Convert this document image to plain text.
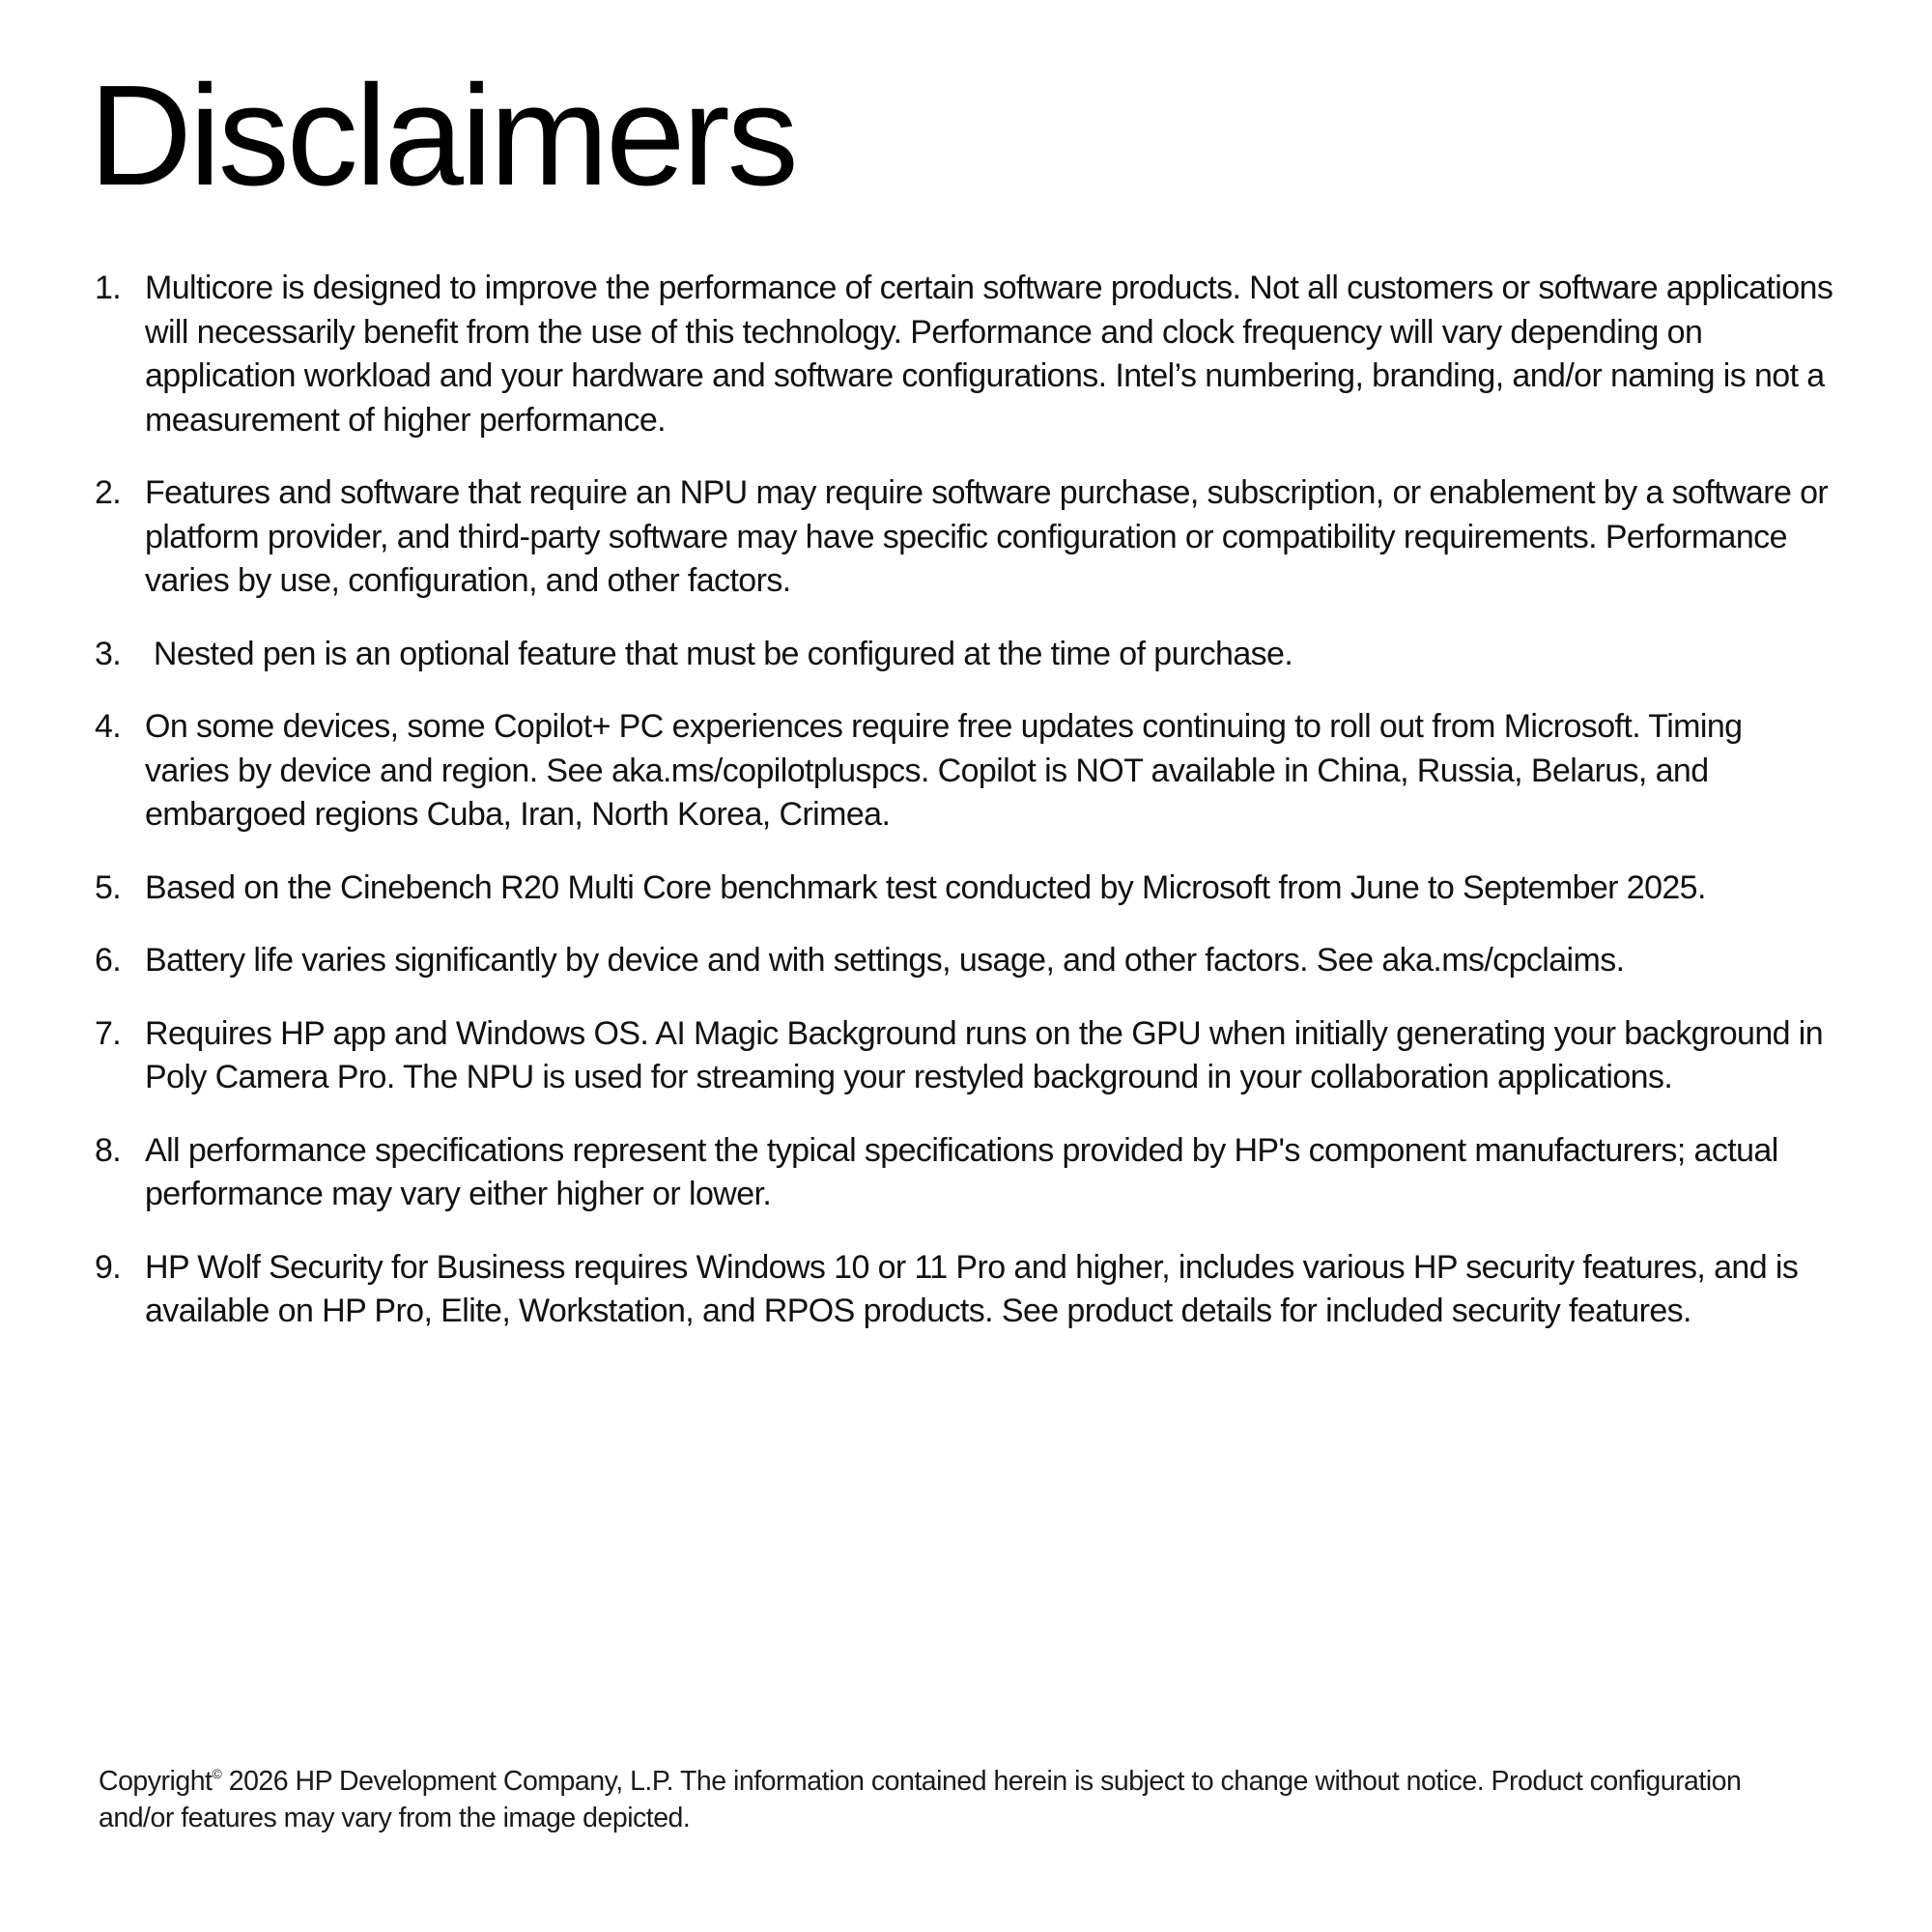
Disclaimers
1. Multicore is designed to improve the performance of certain software products. Not all customers or software applications will necessarily benefit from the use of this technology. Performance and clock frequency will vary depending on application workload and your hardware and software configurations. Intel’s numbering, branding, and/or naming is not a measurement of higher performance.
2. Features and software that require an NPU may require software purchase, subscription, or enablement by a software or platform provider, and third-party software may have specific configuration or compatibility requirements. Performance varies by use, configuration, and other factors.
3. Nested pen is an optional feature that must be configured at the time of purchase.
4. On some devices, some Copilot+ PC experiences require free updates continuing to roll out from Microsoft. Timing varies by device and region. See aka.ms/copilotpluspcs. Copilot is NOT available in China, Russia, Belarus, and embargoed regions Cuba, Iran, North Korea, Crimea.
5. Based on the Cinebench R20 Multi Core benchmark test conducted by Microsoft from June to September 2025.
6. Battery life varies significantly by device and with settings, usage, and other factors. See aka.ms/cpclaims.
7. Requires HP app and Windows OS. AI Magic Background runs on the GPU when initially generating your background in Poly Camera Pro. The NPU is used for streaming your restyled background in your collaboration applications.
8. All performance specifications represent the typical specifications provided by HP's component manufacturers; actual performance may vary either higher or lower.
9. HP Wolf Security for Business requires Windows 10 or 11 Pro and higher, includes various HP security features, and is available on HP Pro, Elite, Workstation, and RPOS products. See product details for included security features.

Copyright© 2026 HP Development Company, L.P. The information contained herein is subject to change without notice. Product configuration and/or features may vary from the image depicted.
